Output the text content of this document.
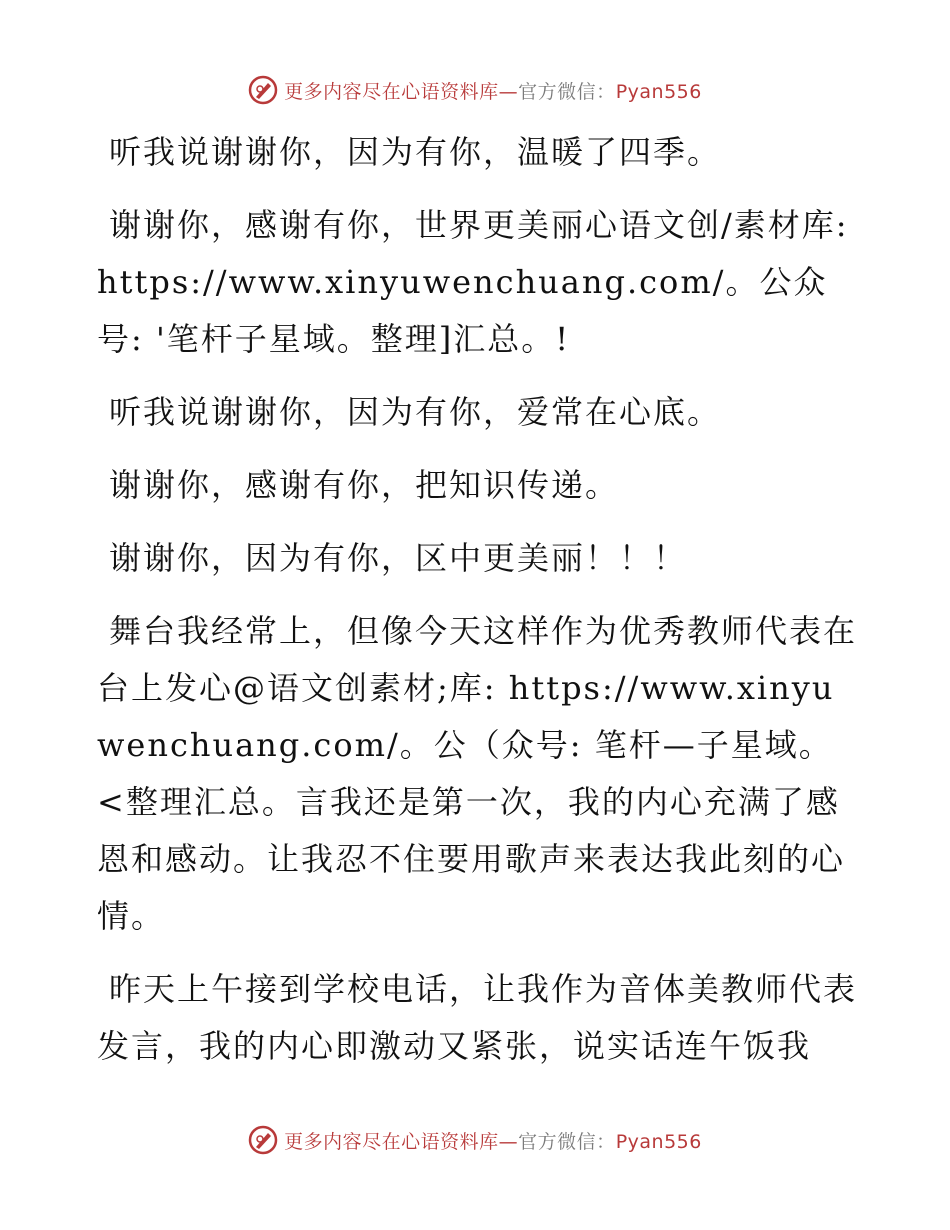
更多内容尽在心语资料库—官方微信：Pyan556

听我说谢谢你，因为有你，温暖了四季。

谢谢你，感谢有你，世界更美丽心语文创/素材库: https://www.xinyuwenchuang.com/。公众号: '笔杆子星域。整理]汇总。!

听我说谢谢你，因为有你，爱常在心底。

谢谢你，感谢有你，把知识传递。

谢谢你，因为有你，区中更美丽！！！

舞台我经常上，但像今天这样作为优秀教师代表在台上发心@语文创素材;库: https://www.xinyuwenchuang.com/。公（众号: 笔杆—子星域。<整理汇总。言我还是第一次，我的内心充满了感恩和感动。让我忍不住要用歌声来表达我此刻的心情。

昨天上午接到学校电话，让我作为音体美教师代表发言，我的内心即激动又紧张，说实话连午饭我

更多内容尽在心语资料库—官方微信：Pyan556
